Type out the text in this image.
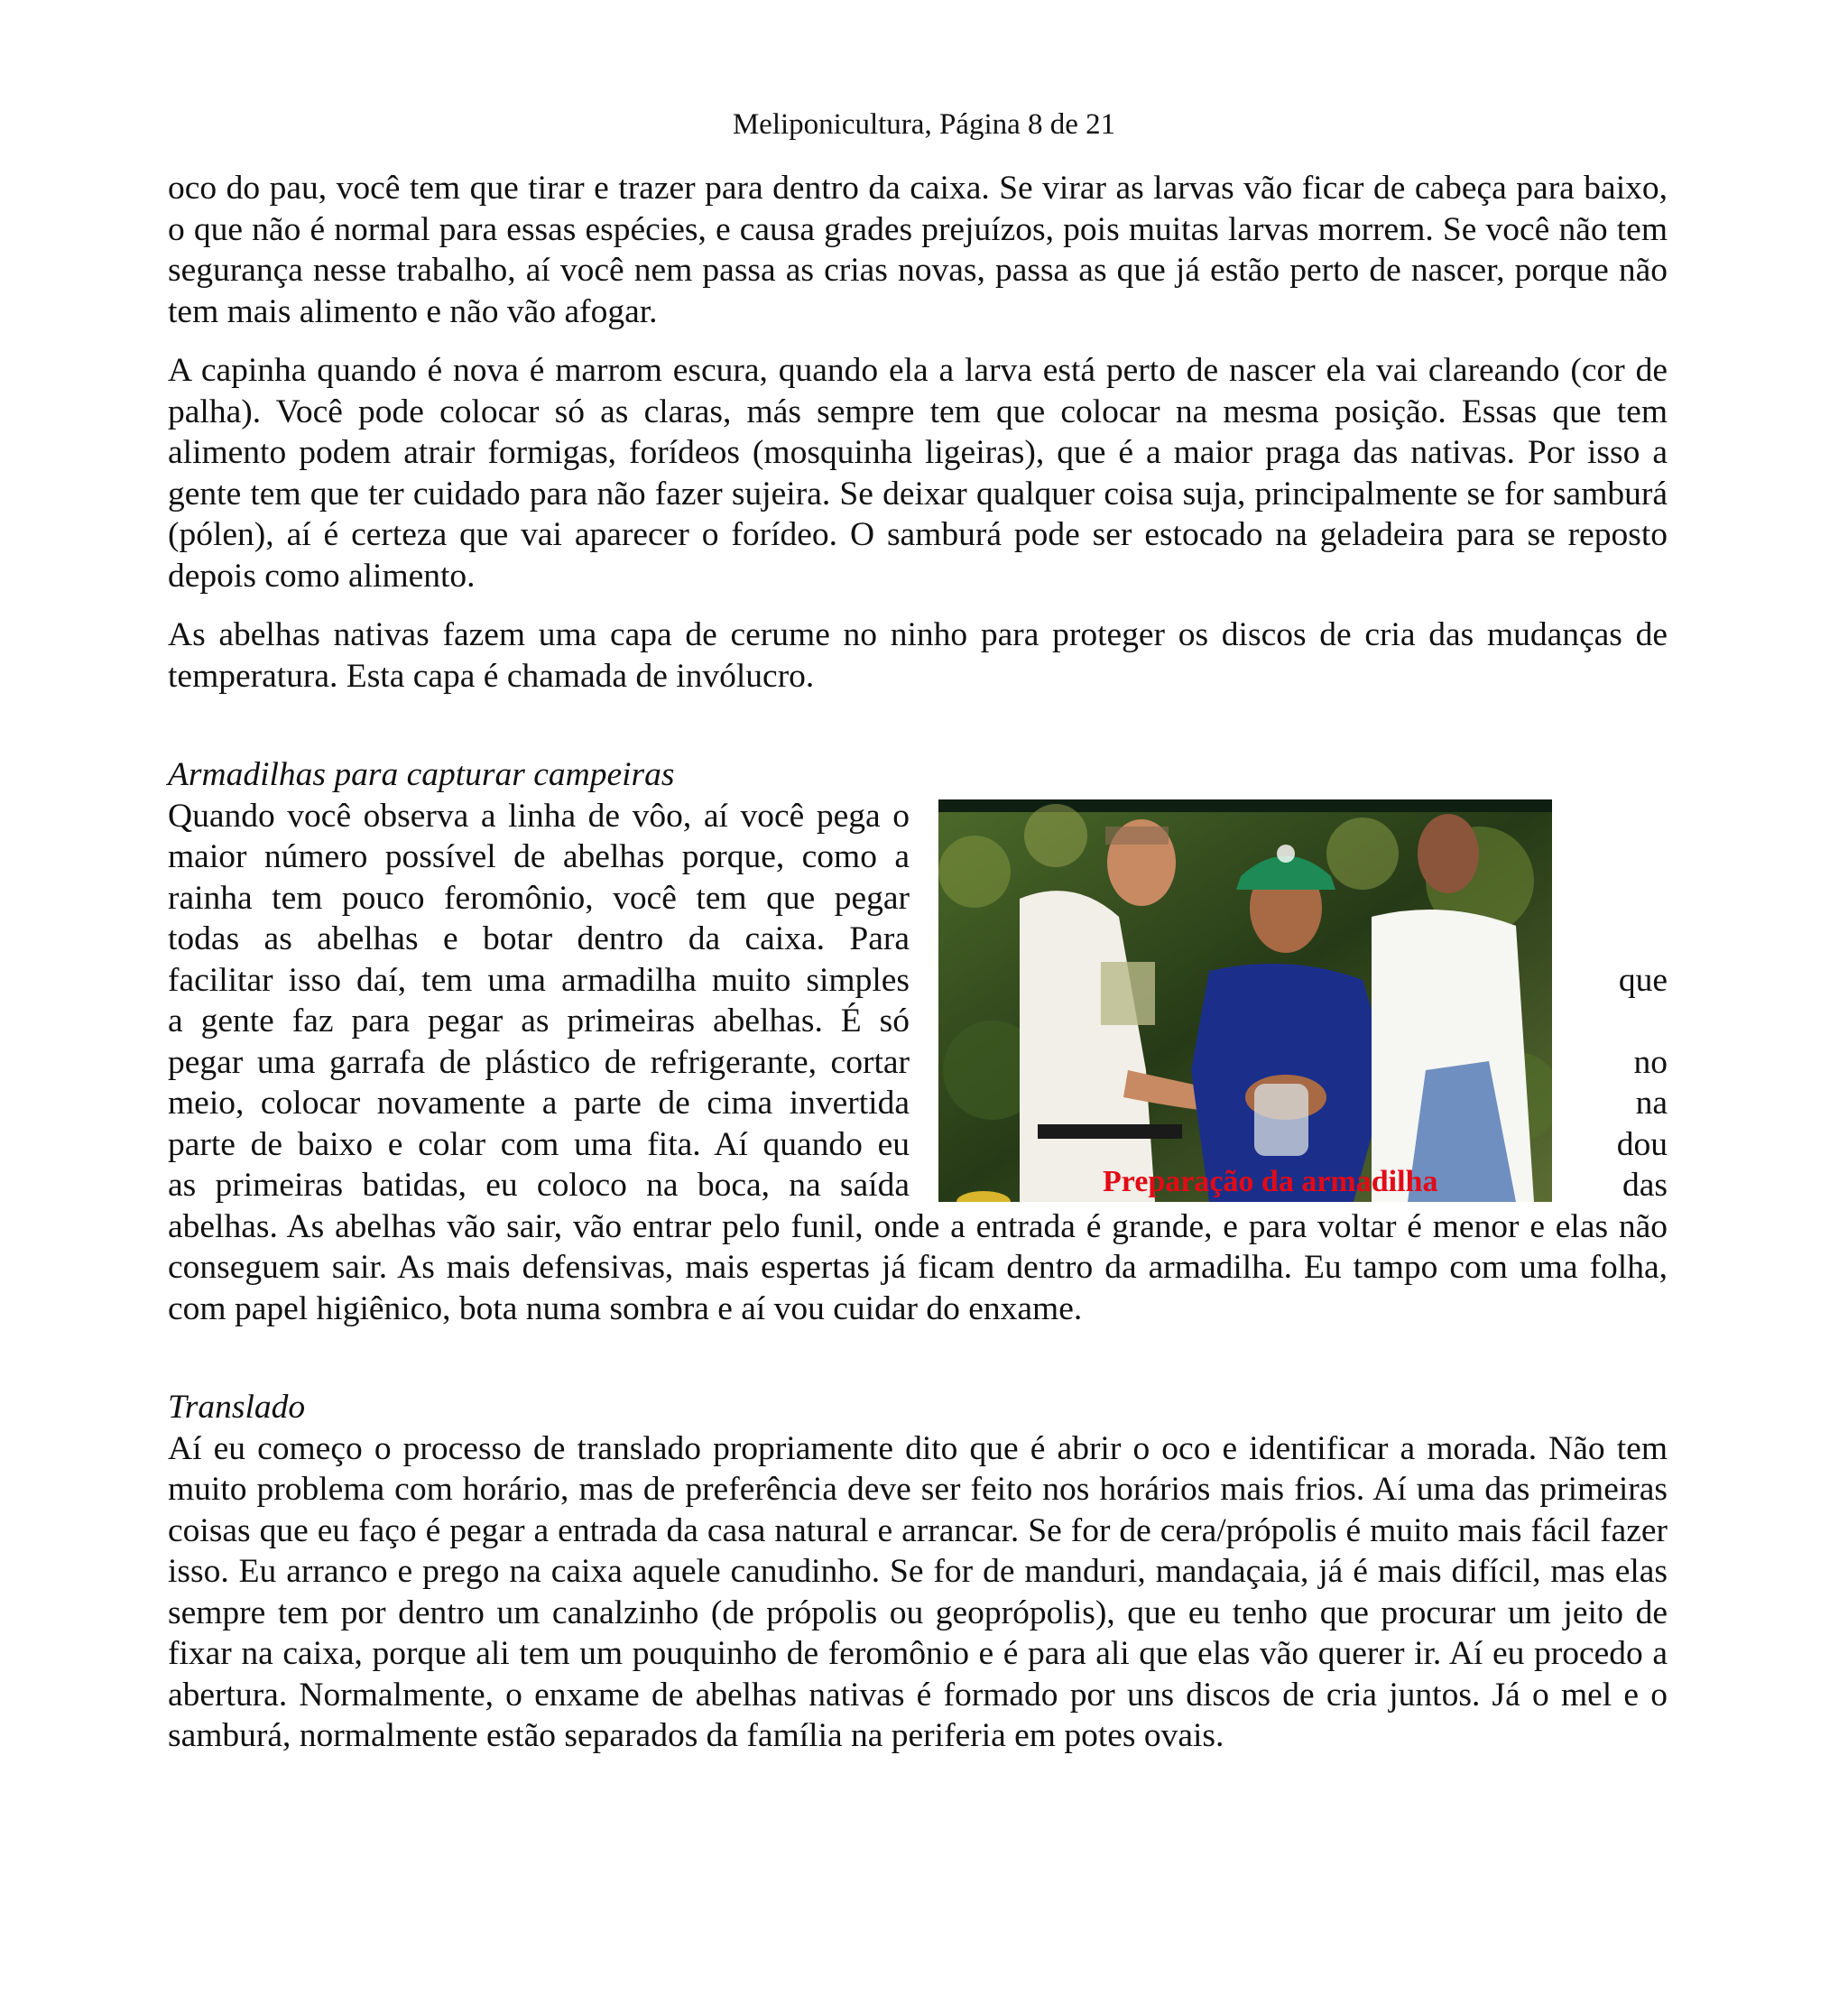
Meliponicultura, Página 8 de 21

oco do pau, você tem que tirar e trazer para dentro da caixa. Se virar as larvas vão ficar de cabeça para baixo, o que não é normal para essas espécies, e causa grades prejuízos, pois muitas larvas morrem. Se você não tem segurança nesse trabalho, aí você nem passa as crias novas, passa as que já estão perto de nascer, porque não tem mais alimento e não vão afogar.

A capinha quando é nova é marrom escura, quando ela a larva está perto de nascer ela vai clareando (cor de palha). Você pode colocar só as claras, más sempre tem que colocar na mesma posição. Essas que tem alimento podem atrair formigas, forídeos (mosquinha ligeiras), que é a maior praga das nativas. Por isso a gente tem que ter cuidado para não fazer sujeira. Se deixar qualquer coisa suja, principalmente se for samburá (pólen), aí é certeza que vai aparecer o forídeo. O samburá pode ser estocado na geladeira para se reposto depois como alimento.

As abelhas nativas fazem uma capa de cerume no ninho para proteger os discos de cria das mudanças de temperatura. Esta capa é chamada de invólucro.

Armadilhas para capturar campeiras

Quando você observa a linha de vôo, aí você pega o
maior número possível de abelhas porque, como a
rainha tem pouco feromônio, você tem que pegar
todas as abelhas e botar dentro da caixa. Para
facilitar isso daí, tem uma armadilha muito simples
a gente faz para pegar as primeiras abelhas. É só
pegar uma garrafa de plástico de refrigerante, cortar
meio, colocar novamente a parte de cima invertida
parte de baixo e colar com uma fita. Aí quando eu
as primeiras batidas, eu coloco na boca, na saída
que
no
na
dou
das
Preparação da armadilha

abelhas. As abelhas vão sair, vão entrar pelo funil, onde a entrada é grande, e para voltar é menor e elas não conseguem sair. As mais defensivas, mais espertas já ficam dentro da armadilha. Eu tampo com uma folha, com papel higiênico, bota numa sombra e aí vou cuidar do enxame.

Translado

Aí eu começo o processo de translado propriamente dito que é abrir o oco e identificar a morada. Não tem muito problema com horário, mas de preferência deve ser feito nos horários mais frios. Aí uma das primeiras coisas que eu faço é pegar a entrada da casa natural e arrancar. Se for de cera/própolis é muito mais fácil fazer isso. Eu arranco e prego na caixa aquele canudinho. Se for de manduri, mandaçaia, já é mais difícil, mas elas sempre tem por dentro um canalzinho (de própolis ou geoprópolis), que eu tenho que procurar um jeito de fixar na caixa, porque ali tem um pouquinho de feromônio e é para ali que elas vão querer ir. Aí eu procedo a abertura. Normalmente, o enxame de abelhas nativas é formado por uns discos de cria juntos. Já o mel e o samburá, normalmente estão separados da família na periferia em potes ovais.
